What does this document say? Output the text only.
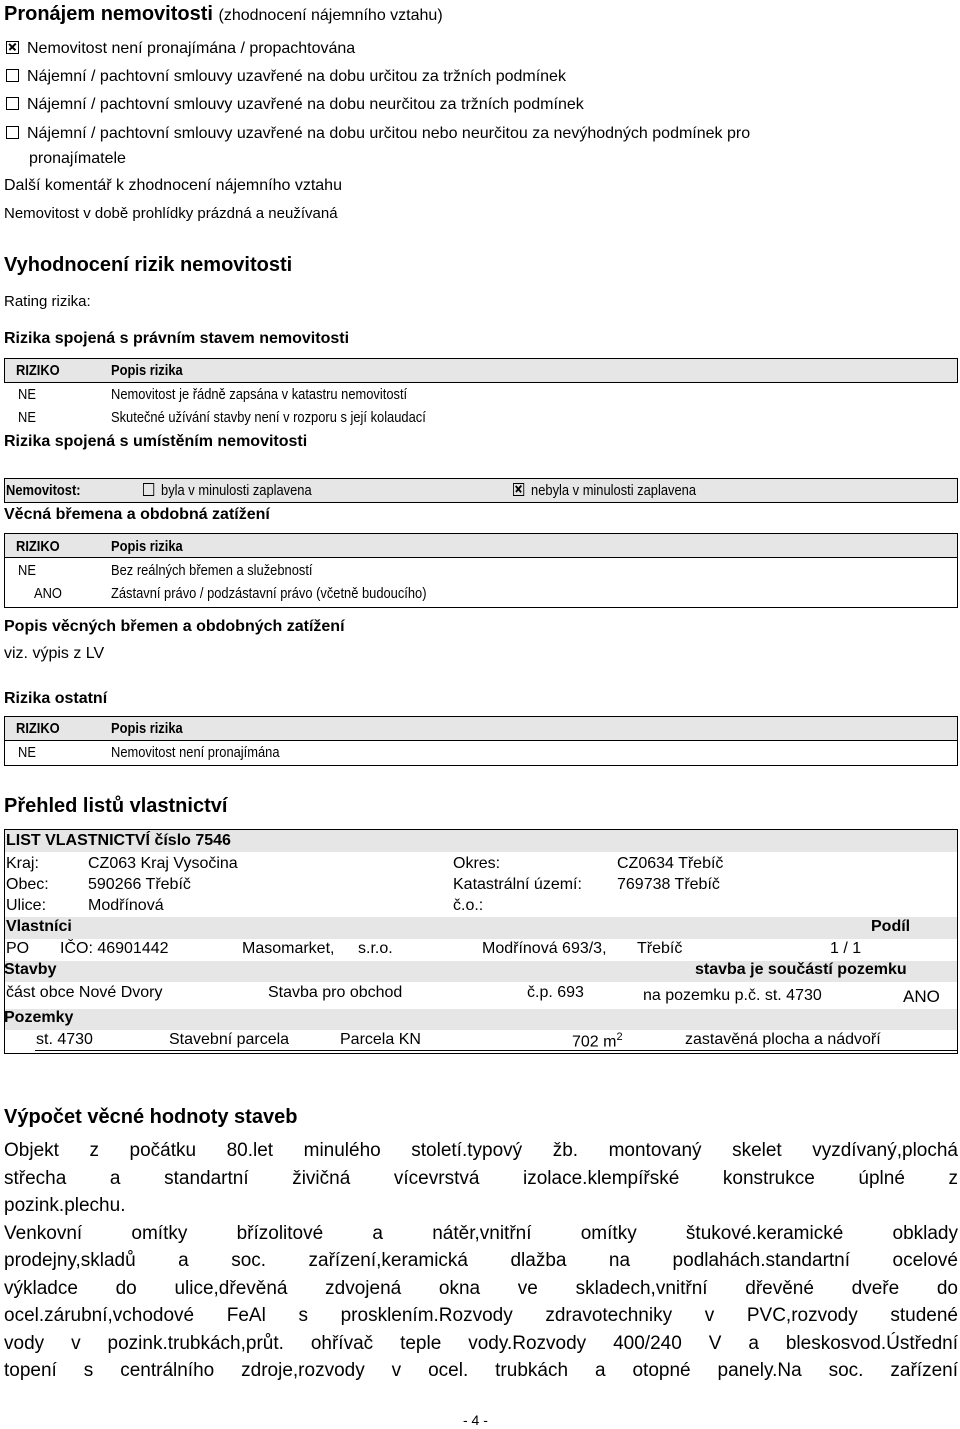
Pronájem nemovitosti (zhodnocení nájemního vztahu)
Nemovitost není pronajímána / propachtována
Nájemní / pachtovní smlouvy uzavřené na dobu určitou za tržních podmínek
Nájemní / pachtovní smlouvy uzavřené na dobu neurčitou za tržních podmínek
Nájemní / pachtovní smlouvy uzavřené na dobu určitou nebo neurčitou za nevýhodných podmínek pro
pronajímatele
Další komentář k zhodnocení nájemního vztahu
Nemovitost v době prohlídky prázdná a neužívaná
Vyhodnocení rizik nemovitosti
Rating rizika:
Rizika spojená s právním stavem nemovitosti
RIZIKO	Popis rizika
NE	Nemovitost je řádně zapsána v katastru nemovitostí
NE	Skutečné užívání stavby není v rozporu s její kolaudací
Rizika spojená s umístěním nemovitosti
Nemovitost:	byla v minulosti zaplavena	nebyla v minulosti zaplavena
Věcná břemena a obdobná zatížení
RIZIKO	Popis rizika
NE	Bez reálných břemen a služebností
ANO	Zástavní právo / podzástavní právo (včetně budoucího)
Popis věcných břemen a obdobných zatížení
viz. výpis z LV
Rizika ostatní
RIZIKO	Popis rizika
NE	Nemovitost není pronajímána
Přehled listů vlastnictví
LIST VLASTNICTVÍ číslo 7546
Kraj:	CZ063 Kraj Vysočina	Okres:	CZ0634 Třebíč
Obec: 590266 Třebíč	Katastrální území: 769738 Třebíč
Ulice:	Modřínová	č.o.:
Vlastníci	Podíl
PO IČO: 46901442	Masomarket, s.r.o.	Modřínová 693/3, Třebíč	1 / 1
Stavby	stavba je součástí pozemku
část obce Nové Dvory	Stavba pro obchod	č.p. 693	na pozemku p.č. st. 4730	ANO
Pozemky
st. 4730	Stavební parcela	Parcela KN	702 $m^2$	zastavěná plocha a nádvoří
Výpočet věcné hodnoty staveb
Objekt z počátku 80.let minulého století.typový žb. montovaný skelet vyzdívaný,plochá
střecha a standartní živičná vícevrstvá izolace.klempířské konstrukce úplné z
pozink.plechu.
Venkovní omítky břízolitové a nátěr,vnitřní omítky štukové.keramické obklady
prodejny,skladů a soc. zařízení,keramická dlažba na podlahách.standartní ocelové
výkladce do ulice,dřevěná zdvojená okna ve skladech,vnitřní dřevěné dveře do
ocel.zárubní,vchodové FeAl s prosklením.Rozvody zdravotechniky v PVC,rozvody studené
vody v pozink.trubkách,průt. ohřívač teple vody.Rozvody 400/240 V a bleskosvod.Ústřední
topení s centrálního zdroje,rozvody v ocel. trubkách a otopné panely.Na soc. zařízení
- 4 -
